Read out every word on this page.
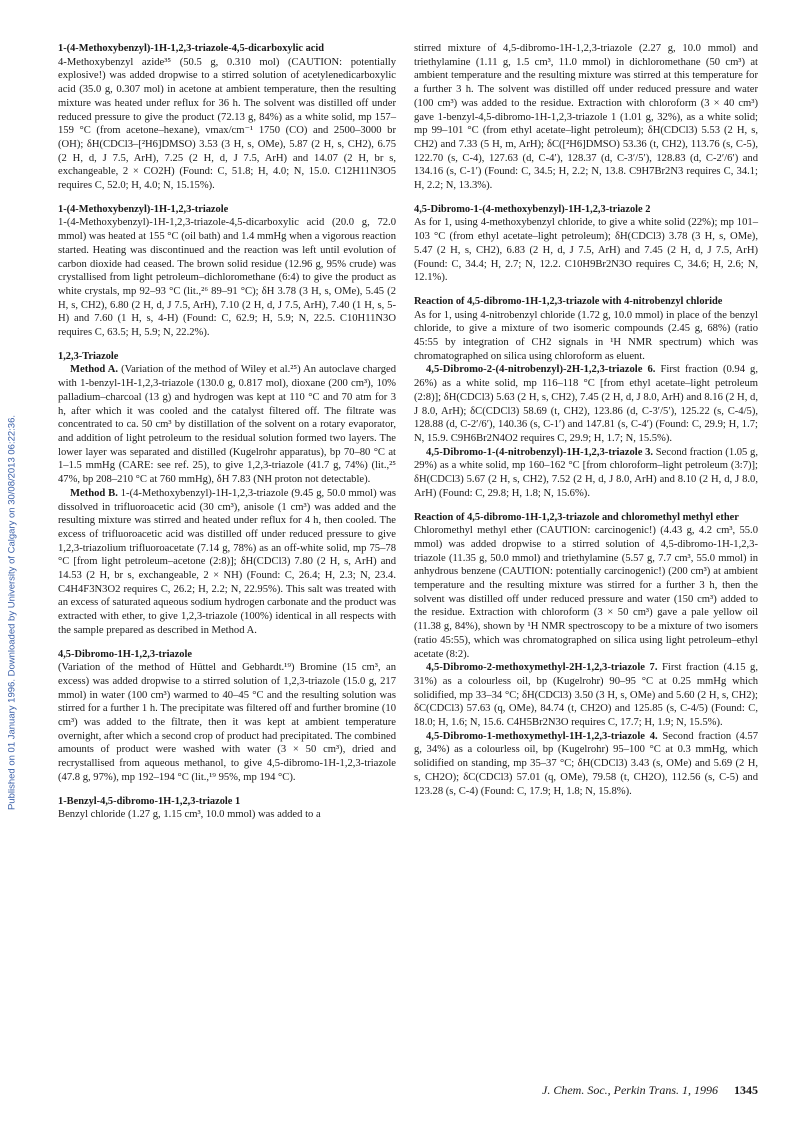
Published on 01 January 1996. Downloaded by University of Calgary on 30/08/2013 06:22:36.
1-(4-Methoxybenzyl)-1H-1,2,3-triazole-4,5-dicarboxylic acid
4-Methoxybenzyl azide³⁵ (50.5 g, 0.310 mol) (CAUTION: potentially explosive!) was added dropwise to a stirred solution of acetylenedicarboxylic acid (35.0 g, 0.307 mol) in acetone at ambient temperature, then the resulting mixture was heated under reflux for 36 h. The solvent was distilled off under reduced pressure to give the product (72.13 g, 84%) as a white solid, mp 157–159 °C (from acetone–hexane), νmax/cm⁻¹ 1750 (CO) and 2500–3000 br (OH); δH(CDCl3–[²H6]DMSO) 3.53 (3 H, s, OMe), 5.87 (2 H, s, CH2), 6.75 (2 H, d, J 7.5, ArH), 7.25 (2 H, d, J 7.5, ArH) and 14.07 (2 H, br s, exchangeable, 2 × CO2H) (Found: C, 51.8; H, 4.0; N, 15.0. C12H11N3O5 requires C, 52.0; H, 4.0; N, 15.15%).
1-(4-Methoxybenzyl)-1H-1,2,3-triazole
1-(4-Methoxybenzyl)-1H-1,2,3-triazole-4,5-dicarboxylic acid (20.0 g, 72.0 mmol) was heated at 155 °C (oil bath) and 1.4 mmHg when a vigorous reaction started. Heating was discontinued and the reaction was left until evolution of carbon dioxide had ceased. The brown solid residue (12.96 g, 95% crude) was crystallised from light petroleum–dichloromethane (6:4) to give the product as white crystals, mp 92–93 °C (lit.,²⁶ 89–91 °C); δH 3.78 (3 H, s, OMe), 5.45 (2 H, s, CH2), 6.80 (2 H, d, J 7.5, ArH), 7.10 (2 H, d, J 7.5, ArH), 7.40 (1 H, s, 5-H) and 7.60 (1 H, s, 4-H) (Found: C, 62.9; H, 5.9; N, 22.5. C10H11N3O requires C, 63.5; H, 5.9; N, 22.2%).
1,2,3-Triazole
Method A. (Variation of the method of Wiley et al.²⁵) An autoclave charged with 1-benzyl-1H-1,2,3-triazole (130.0 g, 0.817 mol), dioxane (200 cm³), 10% palladium–charcoal (13 g) and hydrogen was kept at 110 °C and 70 atm for 3 h, after which it was cooled and the catalyst filtered off. The filtrate was concentrated to ca. 50 cm³ by distillation of the solvent on a rotary evaporator, and addition of light petroleum to the residual solution formed two layers. The lower layer was separated and distilled (Kugelrohr apparatus), bp 70–80 °C at 1–1.5 mmHg (CARE: see ref. 25), to give 1,2,3-triazole (41.7 g, 74%) (lit.,²⁵ 47%, bp 208–210 °C at 760 mmHg), δH 7.83 (NH proton not detectable).
Method B. 1-(4-Methoxybenzyl)-1H-1,2,3-triazole (9.45 g, 50.0 mmol) was dissolved in trifluoroacetic acid (30 cm³), anisole (1 cm³) was added and the resulting mixture was stirred and heated under reflux for 4 h, then cooled. The excess of trifluoroacetic acid was distilled off under reduced pressure to give 1,2,3-triazolium trifluoroacetate (7.14 g, 78%) as an off-white solid, mp 75–78 °C [from light petroleum–acetone (2:8)]; δH(CDCl3) 7.80 (2 H, s, ArH) and 14.53 (2 H, br s, exchangeable, 2 × NH) (Found: C, 26.4; H, 2.3; N, 23.4. C4H4F3N3O2 requires C, 26.2; H, 2.2; N, 22.95%). This salt was treated with an excess of saturated aqueous sodium hydrogen carbonate and the product was extracted with ether, to give 1,2,3-triazole (100%) identical in all respects with the sample prepared as described in Method A.
4,5-Dibromo-1H-1,2,3-triazole
(Variation of the method of Hüttel and Gebhardt.¹⁹) Bromine (15 cm³, an excess) was added dropwise to a stirred solution of 1,2,3-triazole (15.0 g, 217 mmol) in water (100 cm³) warmed to 40–45 °C and the resulting solution was stirred for a further 1 h. The precipitate was filtered off and further bromine (10 cm³) was added to the filtrate, then it was kept at ambient temperature overnight, after which a second crop of product had precipitated. The combined amounts of product were washed with water (3 × 50 cm³), dried and recrystallised from aqueous methanol, to give 4,5-dibromo-1H-1,2,3-triazole (47.8 g, 97%), mp 192–194 °C (lit.,¹⁹ 95%, mp 194 °C).
1-Benzyl-4,5-dibromo-1H-1,2,3-triazole 1
Benzyl chloride (1.27 g, 1.15 cm³, 10.0 mmol) was added to a
stirred mixture of 4,5-dibromo-1H-1,2,3-triazole (2.27 g, 10.0 mmol) and triethylamine (1.11 g, 1.5 cm³, 11.0 mmol) in dichloromethane (50 cm³) at ambient temperature and the resulting mixture was stirred at this temperature for a further 3 h. The solvent was distilled off under reduced pressure and water (100 cm³) was added to the residue. Extraction with chloroform (3 × 40 cm³) gave 1-benzyl-4,5-dibromo-1H-1,2,3-triazole 1 (1.01 g, 32%), as a white solid; mp 99–101 °C (from ethyl acetate–light petroleum); δH(CDCl3) 5.53 (2 H, s, CH2) and 7.33 (5 H, m, ArH); δC([²H6]DMSO) 53.36 (t, CH2), 113.76 (s, C-5), 122.70 (s, C-4), 127.63 (d, C-4′), 128.37 (d, C-3′/5′), 128.83 (d, C-2′/6′) and 134.16 (s, C-1′) (Found: C, 34.5; H, 2.2; N, 13.8. C9H7Br2N3 requires C, 34.1; H, 2.2; N, 13.3%).
4,5-Dibromo-1-(4-methoxybenzyl)-1H-1,2,3-triazole 2
As for 1, using 4-methoxybenzyl chloride, to give a white solid (22%); mp 101–103 °C (from ethyl acetate–light petroleum); δH(CDCl3) 3.78 (3 H, s, OMe), 5.47 (2 H, s, CH2), 6.83 (2 H, d, J 7.5, ArH) and 7.45 (2 H, d, J 7.5, ArH) (Found: C, 34.4; H, 2.7; N, 12.2. C10H9Br2N3O requires C, 34.6; H, 2.6; N, 12.1%).
Reaction of 4,5-dibromo-1H-1,2,3-triazole with 4-nitrobenzyl chloride
As for 1, using 4-nitrobenzyl chloride (1.72 g, 10.0 mmol) in place of the benzyl chloride, to give a mixture of two isomeric compounds (2.45 g, 68%) (ratio 45:55 by integration of CH2 signals in ¹H NMR spectrum) which was chromatographed on silica using chloroform as eluent.
4,5-Dibromo-2-(4-nitrobenzyl)-2H-1,2,3-triazole 6. First fraction (0.94 g, 26%) as a white solid, mp 116–118 °C [from ethyl acetate–light petroleum (2:8)]; δH(CDCl3) 5.63 (2 H, s, CH2), 7.45 (2 H, d, J 8.0, ArH) and 8.16 (2 H, d, J 8.0, ArH); δC(CDCl3) 58.69 (t, CH2), 123.86 (d, C-3′/5′), 125.22 (s, C-4/5), 128.88 (d, C-2′/6′), 140.36 (s, C-1′) and 147.81 (s, C-4′) (Found: C, 29.9; H, 1.7; N, 15.9. C9H6Br2N4O2 requires C, 29.9; H, 1.7; N, 15.5%).
4,5-Dibromo-1-(4-nitrobenzyl)-1H-1,2,3-triazole 3. Second fraction (1.05 g, 29%) as a white solid, mp 160–162 °C [from chloroform–light petroleum (3:7)]; δH(CDCl3) 5.67 (2 H, s, CH2), 7.52 (2 H, d, J 8.0, ArH) and 8.10 (2 H, d, J 8.0, ArH) (Found: C, 29.8; H, 1.8; N, 15.6%).
Reaction of 4,5-dibromo-1H-1,2,3-triazole and chloromethyl methyl ether
Chloromethyl methyl ether (CAUTION: carcinogenic!) (4.43 g, 4.2 cm³, 55.0 mmol) was added dropwise to a stirred solution of 4,5-dibromo-1H-1,2,3-triazole (11.35 g, 50.0 mmol) and triethylamine (5.57 g, 7.7 cm³, 55.0 mmol) in anhydrous benzene (CAUTION: potentially carcinogenic!) (200 cm³) at ambient temperature and the resulting mixture was stirred for a further 3 h, then the solvent was distilled off under reduced pressure and water (150 cm³) added to the residue. Extraction with chloroform (3 × 50 cm³) gave a pale yellow oil (11.38 g, 84%), shown by ¹H NMR spectroscopy to be a mixture of two isomers (ratio 45:55), which was chromatographed on silica using light petroleum–ethyl acetate (8:2).
4,5-Dibromo-2-methoxymethyl-2H-1,2,3-triazole 7. First fraction (4.15 g, 31%) as a colourless oil, bp (Kugelrohr) 90–95 °C at 0.25 mmHg which solidified, mp 33–34 °C; δH(CDCl3) 3.50 (3 H, s, OMe) and 5.60 (2 H, s, CH2); δC(CDCl3) 57.63 (q, OMe), 84.74 (t, CH2O) and 125.85 (s, C-4/5) (Found: C, 18.0; H, 1.6; N, 15.6. C4H5Br2N3O requires C, 17.7; H, 1.9; N, 15.5%).
4,5-Dibromo-1-methoxymethyl-1H-1,2,3-triazole 4. Second fraction (4.57 g, 34%) as a colourless oil, bp (Kugelrohr) 95–100 °C at 0.3 mmHg, which solidified on standing, mp 35–37 °C; δH(CDCl3) 3.43 (s, OMe) and 5.69 (2 H, s, CH2O); δC(CDCl3) 57.01 (q, OMe), 79.58 (t, CH2O), 112.56 (s, C-5) and 123.28 (s, C-4) (Found: C, 17.9; H, 1.8; N, 15.8%).
J. Chem. Soc., Perkin Trans. 1, 1996 1345
